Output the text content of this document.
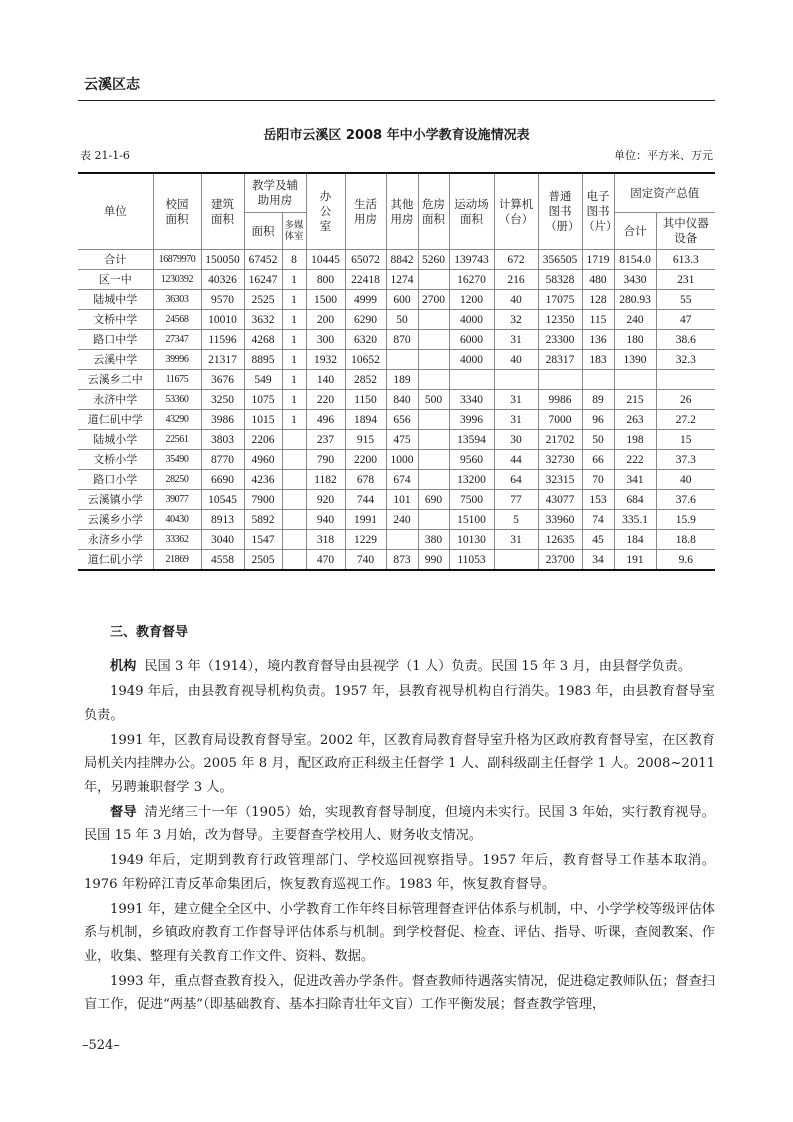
云溪区志
岳阳市云溪区 2008 年中小学教育设施情况表
表 21-1-6	单位：平方米、万元
单位	校园面积	建筑面积	教学及辅助用房		办公室	生活用房	其他用房	危房面积	运动场面积	计算机（台）	普通图书（册）	电子图书（片）	固定资产总值	
			面积	多媒体室									合计	其中仪器设备
合计	1687997​0	150050	67452	8	10445	65072	8842	5260	139743	672	356505	1719	8154.0	613.3
区一中	1230392	40326	16247	1	800	22418	1274		16270	216	58328	480	3430	231
陆城中学	36303	9570	2525	1	1500	4999	600	2700	1200	40	17075	128	280.93	55
文桥中学	24568	10010	3632	1	200	6290	50		4000	32	12350	115	240	47
路口中学	27347	11596	4268	1	300	6320	870		6000	31	23300	136	180	38.6
云溪中学	39996	21317	8895	1	1932	10652			4000	40	28317	183	1390	32.3
云溪乡二中	11675	3676	549	1	140	2852	189							
永济中学	53360	3250	1075	1	220	1150	840	500	3340	31	9986	89	215	26
道仁矶中学	43290	3986	1015	1	496	1894	656		3996	31	7000	96	263	27.2
陆城小学	22561	3803	2206		237	915	475		13594	30	21702	50	198	15
文桥小学	35490	8770	4960		790	2200	1000		9560	44	32730	66	222	37.3
路口小学	28250	6690	4236		1182	678	674		13200	64	32315	70	341	40
云溪镇小学	39077	10545	7900		920	744	101	690	7500	77	43077	153	684	37.6
云溪乡小学	40430	8913	5892		940	1991	240		15100	5	33960	74	335.1	15.9
永济乡小学	33362	3040	1547		318	1229		380	10130	31	12635	45	184	18.8
道仁矶小学	21869	4558	2505		470	740	873	990	11053		23700	34	191	9.6
三、教育督导

机构 民国 3 年（1914），境内教育督导由县视学（1 人）负责。民国 15 年 3 月，由县督学负责。

1949 年后，由县教育视导机构负责。1957 年，县教育视导机构自行消失。1983 年，由县教育督导室负责。

1991 年，区教育局设教育督导室。2002 年，区教育局教育督导室升格为区政府教育督导室，在区教育局机关内挂牌办公。2005 年 8 月，配区政府正科级主任督学 1 人、副科级副主任督学 1 人。2008~2011 年，另聘兼职督学 3 人。

督导 清光绪三十一年（1905）始，实现教育督导制度，但境内未实行。民国 3 年始，实行教育视导。民国 15 年 3 月始，改为督导。主要督查学校用人、财务收支情况。

1949 年后，定期到教育行政管理部门、学校巡回视察指导。1957 年后，教育督导工作基本取消。1976 年粉碎江青反革命集团后，恢复教育巡视工作。1983 年，恢复教育督导。

1991 年，建立健全全区中、小学教育工作年终目标管理督查评估体系与机制，中、小学学校等级评估体系与机制，乡镇政府教育工作督导评估体系与机制。到学校督促、检查、评估、指导、听课，查阅教案、作业，收集、整理有关教育工作文件、资料、数据。

1993 年，重点督查教育投入，促进改善办学条件。督查教师待遇落实情况，促进稳定教师队伍；督查扫盲工作，促进“两基”（即基础教育、基本扫除青壮年文盲）工作平衡发展；督查教学管理，

–524–
